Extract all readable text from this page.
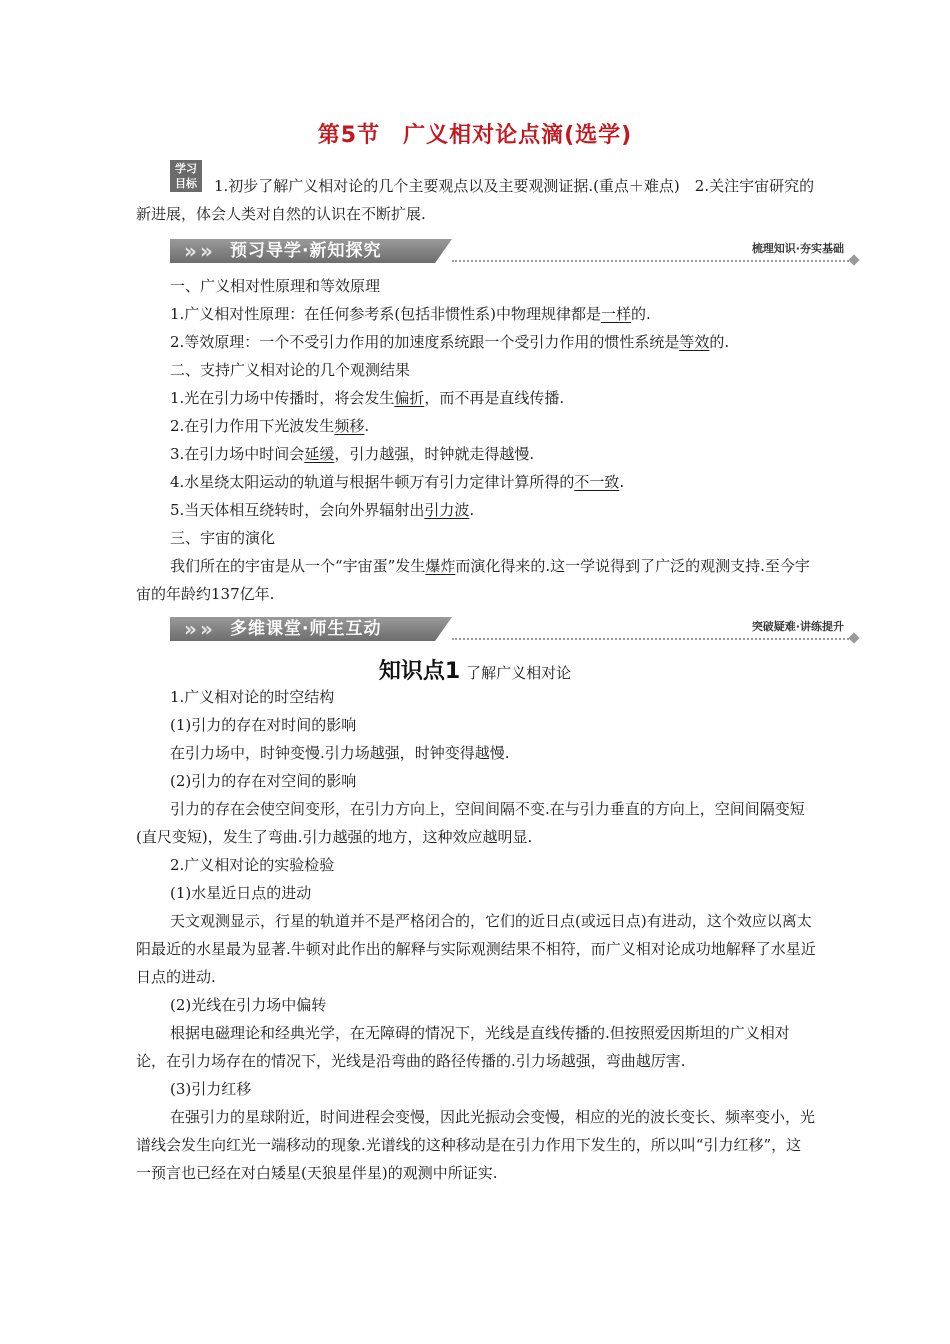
第5节　广义相对论点滴(选学)
学习
目标	1.初步了解广义相对论的几个主要观点以及主要观测证据.(重点＋难点)　2.关注宇宙研究的新进展，体会人类对自然的认识在不断扩展.
» » 预习导学·新知探究	梳理知识·夯实基础

一、广义相对性原理和等效原理

1.广义相对性原理：在任何参考系(包括非惯性系)中物理规律都是一样的.

2.等效原理：一个不受引力作用的加速度系统跟一个受引力作用的惯性系统是等效的.

二、支持广义相对论的几个观测结果

1.光在引力场中传播时，将会发生偏折，而不再是直线传播.

2.在引力作用下光波发生频移.

3.在引力场中时间会延缓，引力越强，时钟就走得越慢.

4.水星绕太阳运动的轨道与根据牛顿万有引力定律计算所得的不一致.

5.当天体相互绕转时，会向外界辐射出引力波.

三、宇宙的演化

我们所在的宇宙是从一个“宇宙蛋”发生爆炸而演化得来的.这一学说得到了广泛的观测支持.至今宇宙的年龄约137亿年.

» » 多维课堂·师生互动	突破疑难·讲练提升
知识点1 了解广义相对论

1.广义相对论的时空结构

(1)引力的存在对时间的影响

在引力场中，时钟变慢.引力场越强，时钟变得越慢.

(2)引力的存在对空间的影响

引力的存在会使空间变形，在引力方向上，空间间隔不变.在与引力垂直的方向上，空间间隔变短(直尺变短)，发生了弯曲.引力越强的地方，这种效应越明显.

2.广义相对论的实验检验

(1)水星近日点的进动

天文观测显示，行星的轨道并不是严格闭合的，它们的近日点(或远日点)有进动，这个效应以离太阳最近的水星最为显著.牛顿对此作出的解释与实际观测结果不相符，而广义相对论成功地解释了水星近日点的进动.

(2)光线在引力场中偏转

根据电磁理论和经典光学，在无障碍的情况下，光线是直线传播的.但按照爱因斯坦的广义相对论，在引力场存在的情况下，光线是沿弯曲的路径传播的.引力场越强，弯曲越厉害.

(3)引力红移

在强引力的星球附近，时间进程会变慢，因此光振动会变慢，相应的光的波长变长、频率变小，光谱线会发生向红光一端移动的现象.光谱线的这种移动是在引力作用下发生的，所以叫“引力红移”，这一预言也已经在对白矮星(天狼星伴星)的观测中所证实.
